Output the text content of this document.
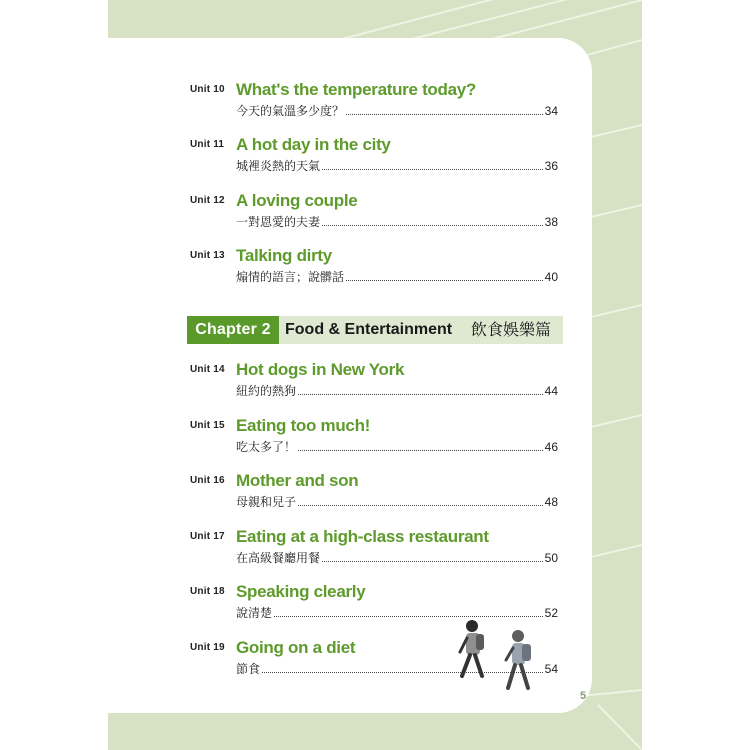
Unit 10 What's the temperature today?
今天的氣溫多少度？	34
Unit 11 A hot day in the city
城裡炎熱的天氣	36
Unit 12 A loving couple
一對恩愛的夫妻	38
Unit 13 Talking dirty
煽情的語言；說髒話	40
Chapter 2 Food & Entertainment 飲食娛樂篇
Unit 14 Hot dogs in New York
紐約的熱狗	44
Unit 15 Eating too much!
吃太多了！	46
Unit 16 Mother and son
母親和兒子	48
Unit 17 Eating at a high-class restaurant
在高級餐廳用餐	50
Unit 18 Speaking clearly
說清楚	52
Unit 19 Going on a diet
節食	54
5
